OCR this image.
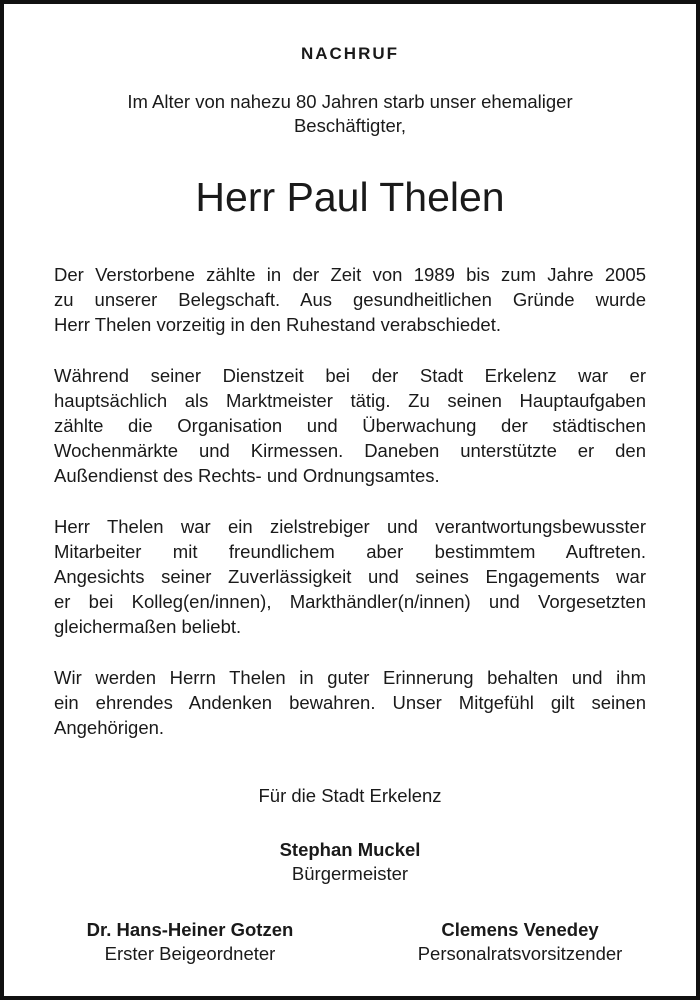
NACHRUF
Im Alter von nahezu 80 Jahren starb unser ehemaliger
Beschäftigter,
Herr Paul Thelen
Der Verstorbene zählte in der Zeit von 1989 bis zum Jahre 2005
zu unserer Belegschaft. Aus gesundheitlichen Gründe wurde
Herr Thelen vorzeitig in den Ruhestand verabschiedet.
Während seiner Dienstzeit bei der Stadt Erkelenz war er
hauptsächlich als Marktmeister tätig. Zu seinen Hauptaufgaben
zählte die Organisation und Überwachung der städtischen
Wochenmärkte und Kirmessen. Daneben unterstützte er den
Außendienst des Rechts- und Ordnungsamtes.
Herr Thelen war ein zielstrebiger und verantwortungsbewusster
Mitarbeiter mit freundlichem aber bestimmtem Auftreten.
Angesichts seiner Zuverlässigkeit und seines Engagements war
er bei Kolleg(en/innen), Markthändler(n/innen) und Vorgesetzten
gleichermaßen beliebt.
Wir werden Herrn Thelen in guter Erinnerung behalten und ihm
ein ehrendes Andenken bewahren. Unser Mitgefühl gilt seinen
Angehörigen.
Für die Stadt Erkelenz
Stephan Muckel
Bürgermeister
Dr. Hans-Heiner Gotzen
Erster Beigeordneter
Clemens Venedey
Personalratsvorsitzender
